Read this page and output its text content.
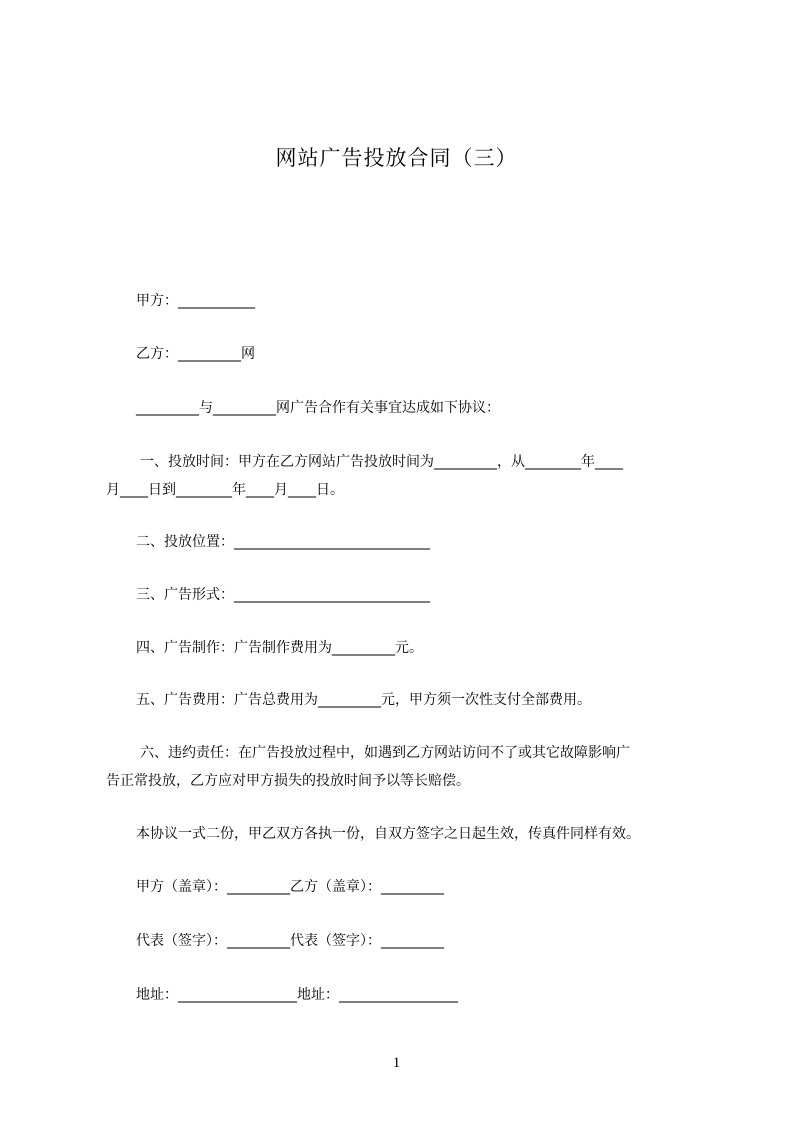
网站广告投放合同（三）
甲方：___________
乙方：_________网
_________与_________网广告合作有关事宜达成如下协议：
一、投放时间：甲方在乙方网站广告投放时间为_________，从________年____
月____日到________年____月____日。
二、投放位置：____________________________
三、广告形式：____________________________
四、广告制作：广告制作费用为_________元。
五、广告费用：广告总费用为_________元，甲方须一次性支付全部费用。
六、违约责任：在广告投放过程中，如遇到乙方网站访问不了或其它故障影响广
告正常投放，乙方应对甲方损失的投放时间予以等长赔偿。
本协议一式二份，甲乙双方各执一份，自双方签字之日起生效，传真件同样有效。
甲方（盖章）：_________乙方（盖章）：_________
代表（签字）：_________代表（签字）：_________
地址：_________________地址：_________________
1
